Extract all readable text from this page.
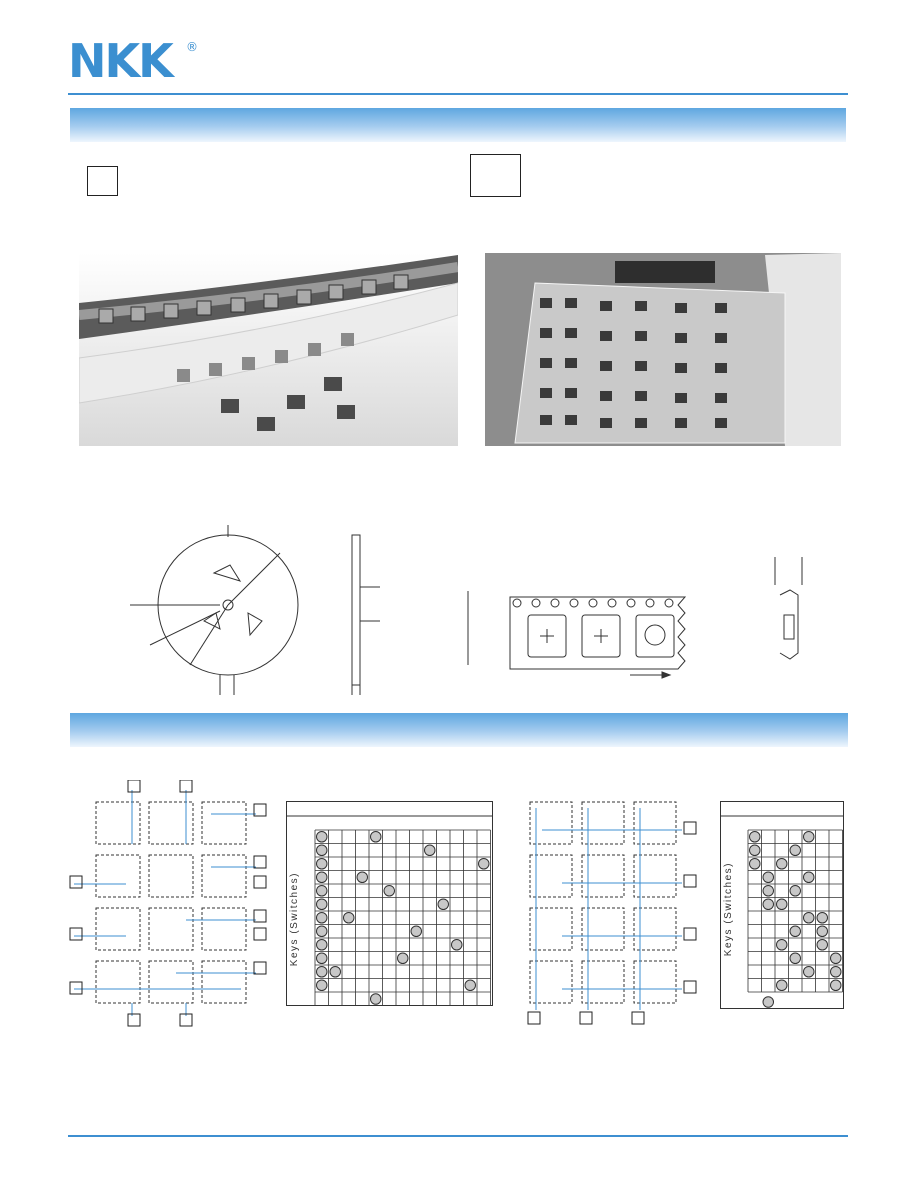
NKK ®
Keys (Switches)	Keys (Switches)
